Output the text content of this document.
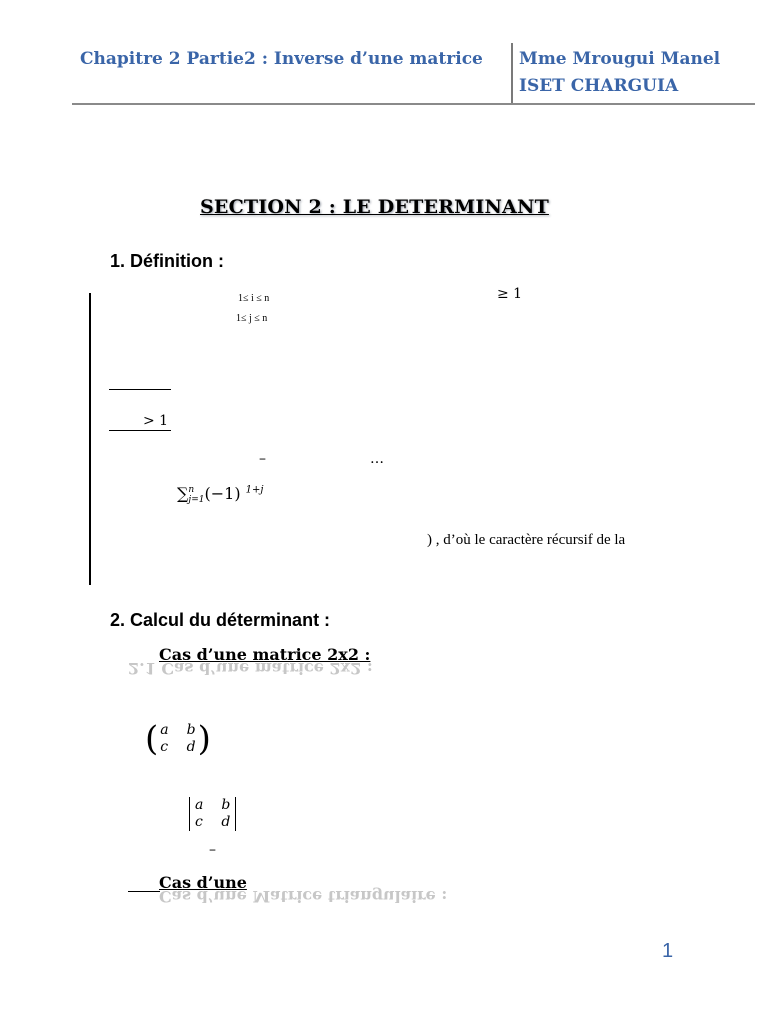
Chapitre 2 Partie2 : Inverse d’une matrice Mme Mrougui Manel
ISET CHARGUIA
SECTION 2 : LE DETERMINANT
1. Définition :
1≤ i ≤ n
1≤ j ≤ n
≥ 1
> 1
–	…
∑ n
j=1 (−1) $^{1+j}$
) , d’où le caractère récursif de la
2. Calcul du déterminant :
Cas d’une matrice 2x2 :
2.1 Cas d’une matrice 2x2 :
( a b
c d )
a b
c d
–
Cas d’une
Cas d’une Matrice triangulaire :
1
